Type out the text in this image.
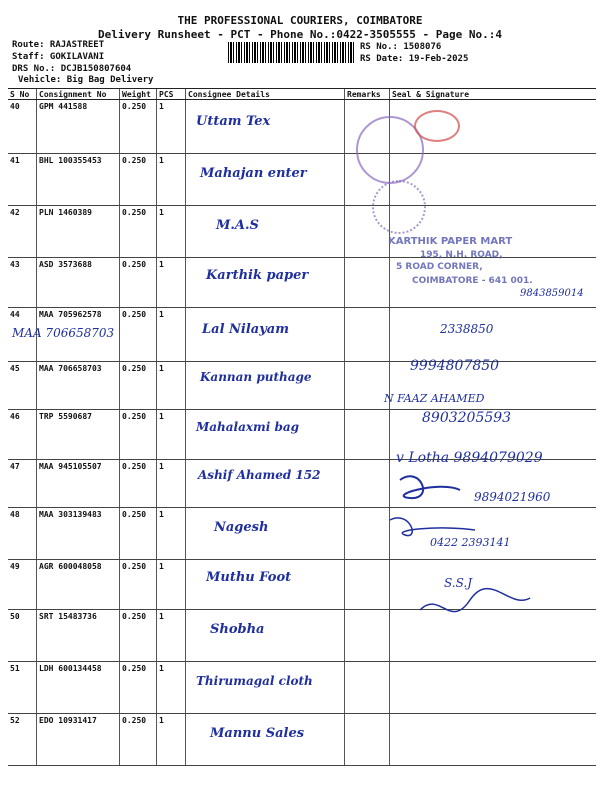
THE PROFESSIONAL COURIERS, COIMBATORE
Delivery Runsheet - PCT - Phone No.:0422-3505555 - Page No.:4
Route: RAJASTREET
Staff: GOKILAVANI
DRS No.: DCJB150807604
Vehicle: Big Bag Delivery
RS No.: 1508076
RS Date: 19-Feb-2025
S No	Consignment No	Weight	PCS	Consignee Details	Remarks	Seal & Signature
40	GPM 441588	0.250	1	Uttam Tex		
41	BHL 100355453	0.250	1	Mahajan enter		
42	PLN 1460389	0.250	1	M.A.S		
43	ASD 3573688	0.250	1	Karthik paper		
44	MAA 705962578	0.250	1	Lal Nilayam		
45	MAA 706658703	0.250	1	Kannan puthage		
46	TRP 5590687	0.250	1	Mahalaxmi bag		
47	MAA 945105507	0.250	1	Ashif Ahamed 152		
48	MAA 303139483	0.250	1	Nagesh		
49	AGR 600048058	0.250	1	Muthu Foot		
50	SRT 15483736	0.250	1	Shobha		
51	LDH 600134458	0.250	1	Thirumagal cloth		
52	EDO 10931417	0.250	1	Mannu Sales		
MAA 706658703
KARTHIK PAPER MART
195, N.H. ROAD,
5 ROAD CORNER,
COIMBATORE - 641 001.
9843859014
2338850
9994807850
N FAAZ AHAMED
8903205593
v Lotha 9894079029
9894021960
0422 2393141
S.S.J
